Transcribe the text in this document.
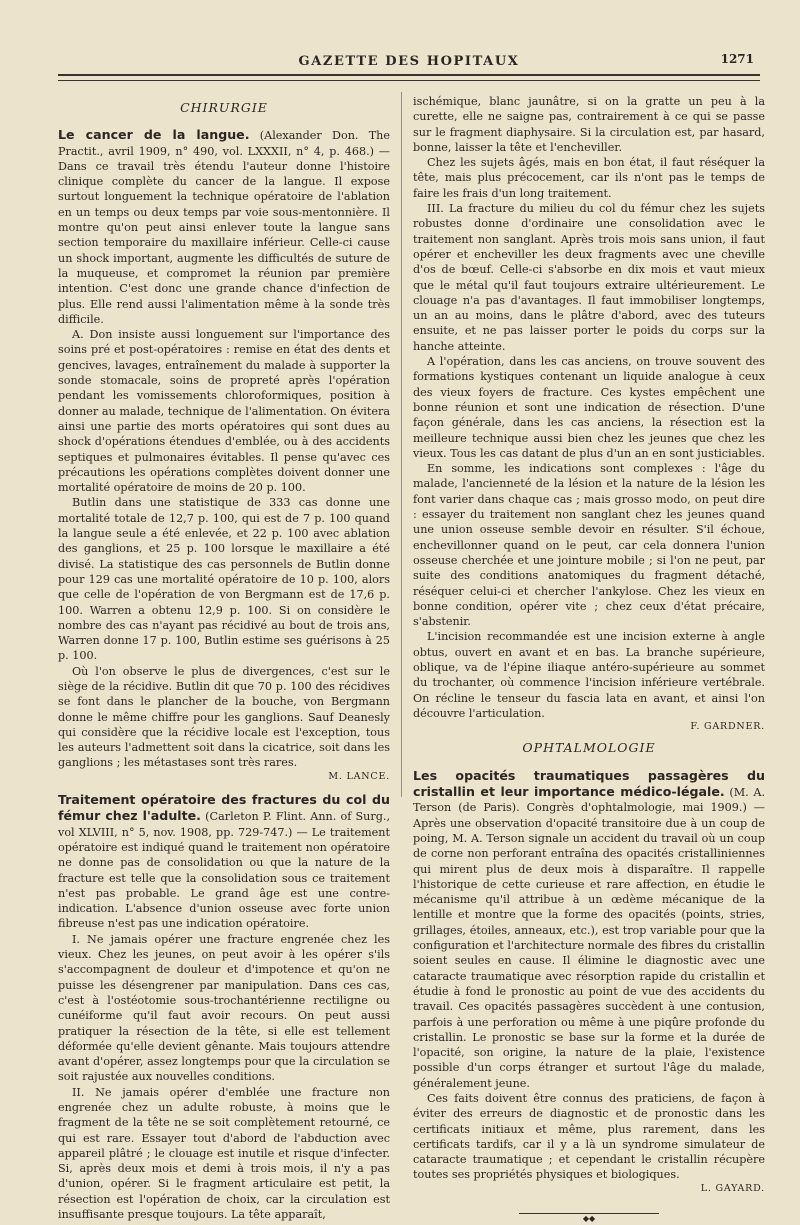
GAZETTE DES HOPITAUX	1271
CHIRURGIE

Le cancer de la langue. (Alexander Don. The Practit., avril 1909, n° 490, vol. LXXXII, n° 4, p. 468.) — Dans ce travail très étendu l'auteur donne l'histoire clinique complète du cancer de la langue. Il expose surtout longuement la technique opératoire de l'ablation en un temps ou deux temps par voie sous-mentonnière. Il montre qu'on peut ainsi enlever toute la langue sans section temporaire du maxillaire inférieur. Celle-ci cause un shock important, augmente les difficultés de suture de la muqueuse, et compromet la réunion par première intention. C'est donc une grande chance d'infection de plus. Elle rend aussi l'alimentation même à la sonde très difficile.

A. Don insiste aussi longuement sur l'importance des soins pré et post-opératoires : remise en état des dents et gencives, lavages, entraînement du malade à supporter la sonde stomacale, soins de propreté après l'opération pendant les vomissements chloroformiques, position à donner au malade, technique de l'alimentation. On évitera ainsi une partie des morts opératoires qui sont dues au shock d'opérations étendues d'emblée, ou à des accidents septiques et pulmonaires évitables. Il pense qu'avec ces précautions les opérations complètes doivent donner une mortalité opératoire de moins de 20 p. 100.

Butlin dans une statistique de 333 cas donne une mortalité totale de 12,7 p. 100, qui est de 7 p. 100 quand la langue seule a été enlevée, et 22 p. 100 avec ablation des ganglions, et 25 p. 100 lorsque le maxillaire a été divisé. La statistique des cas personnels de Butlin donne pour 129 cas une mortalité opératoire de 10 p. 100, alors que celle de l'opération de von Bergmann est de 17,6 p. 100. Warren a obtenu 12,9 p. 100. Si on considère le nombre des cas n'ayant pas récidivé au bout de trois ans, Warren donne 17 p. 100, Butlin estime ses guérisons à 25 p. 100.

Où l'on observe le plus de divergences, c'est sur le siège de la récidive. Butlin dit que 70 p. 100 des récidives se font dans le plancher de la bouche, von Bergmann donne le même chiffre pour les ganglions. Sauf Deanesly qui considère que la récidive locale est l'exception, tous les auteurs l'admettent soit dans la cicatrice, soit dans les ganglions ; les métastases sont très rares.

M. LANCE.

Traitement opératoire des fractures du col du fémur chez l'adulte. (Carleton P. Flint. Ann. of Surg., vol XLVIII, n° 5, nov. 1908, pp. 729-747.) — Le traitement opératoire est indiqué quand le traitement non opératoire ne donne pas de consolidation ou que la nature de la fracture est telle que la consolidation sous ce traitement n'est pas probable. Le grand âge est une contre-indication. L'absence d'union osseuse avec forte union fibreuse n'est pas une indication opératoire.

I. Ne jamais opérer une fracture engrenée chez les vieux. Chez les jeunes, on peut avoir à les opérer s'ils s'accompagnent de douleur et d'impotence et qu'on ne puisse les désengrener par manipulation. Dans ces cas, c'est à l'ostéotomie sous-trochantérienne rectiligne ou cunéiforme qu'il faut avoir recours. On peut aussi pratiquer la résection de la tête, si elle est tellement déformée qu'elle devient gênante. Mais toujours attendre avant d'opérer, assez longtemps pour que la circulation se soit rajustée aux nouvelles conditions.

II. Ne jamais opérer d'emblée une fracture non engrenée chez un adulte robuste, à moins que le fragment de la tête ne se soit complètement retourné, ce qui est rare. Essayer tout d'abord de l'abduction avec appareil plâtré ; le clouage est inutile et risque d'infecter. Si, après deux mois et demi à trois mois, il n'y a pas d'union, opérer. Si le fragment articulaire est petit, la résection est l'opération de choix, car la circulation est insuffisante presque toujours. La tête apparaît,

ischémique, blanc jaunâtre, si on la gratte un peu à la curette, elle ne saigne pas, contrairement à ce qui se passe sur le fragment diaphysaire. Si la circulation est, par hasard, bonne, laisser la tête et l'encheviller.

Chez les sujets âgés, mais en bon état, il faut réséquer la tête, mais plus précocement, car ils n'ont pas le temps de faire les frais d'un long traitement.

III. La fracture du milieu du col du fémur chez les sujets robustes donne d'ordinaire une consolidation avec le traitement non sanglant. Après trois mois sans union, il faut opérer et encheviller les deux fragments avec une cheville d'os de bœuf. Celle-ci s'absorbe en dix mois et vaut mieux que le métal qu'il faut toujours extraire ultérieurement. Le clouage n'a pas d'avantages. Il faut immobiliser longtemps, un an au moins, dans le plâtre d'abord, avec des tuteurs ensuite, et ne pas laisser porter le poids du corps sur la hanche atteinte.

A l'opération, dans les cas anciens, on trouve souvent des formations kystiques contenant un liquide analogue à ceux des vieux foyers de fracture. Ces kystes empêchent une bonne réunion et sont une indication de résection. D'une façon générale, dans les cas anciens, la résection est la meilleure technique aussi bien chez les jeunes que chez les vieux. Tous les cas datant de plus d'un an en sont justiciables.

En somme, les indications sont complexes : l'âge du malade, l'ancienneté de la lésion et la nature de la lésion les font varier dans chaque cas ; mais grosso modo, on peut dire : essayer du traitement non sanglant chez les jeunes quand une union osseuse semble devoir en résulter. S'il échoue, enchevillonner quand on le peut, car cela donnera l'union osseuse cherchée et une jointure mobile ; si l'on ne peut, par suite des conditions anatomiques du fragment détaché, réséquer celui-ci et chercher l'ankylose. Chez les vieux en bonne condition, opérer vite ; chez ceux d'état précaire, s'abstenir.

L'incision recommandée est une incision externe à angle obtus, ouvert en avant et en bas. La branche supérieure, oblique, va de l'épine iliaque antéro-supérieure au sommet du trochanter, où commence l'incision inférieure vertébrale. On récline le tenseur du fascia lata en avant, et ainsi l'on découvre l'articulation.

F. GARDNER.
OPHTALMOLOGIE

Les opacités traumatiques passagères du cristallin et leur importance médico-légale. (M. A. Terson (de Paris). Congrès d'ophtalmologie, mai 1909.) — Après une observation d'opacité transitoire due à un coup de poing, M. A. Terson signale un accident du travail où un coup de corne non perforant entraîna des opacités cristalliniennes qui mirent plus de deux mois à disparaître. Il rappelle l'historique de cette curieuse et rare affection, en étudie le mécanisme qu'il attribue à un œdème mécanique de la lentille et montre que la forme des opacités (points, stries, grillages, étoiles, anneaux, etc.), est trop variable pour que la configuration et l'architecture normale des fibres du cristallin soient seules en cause. Il élimine le diagnostic avec une cataracte traumatique avec résorption rapide du cristallin et étudie à fond le pronostic au point de vue des accidents du travail. Ces opacités passagères succèdent à une contusion, parfois à une perforation ou même à une piqûre profonde du cristallin. Le pronostic se base sur la forme et la durée de l'opacité, son origine, la nature de la plaie, l'existence possible d'un corps étranger et surtout l'âge du malade, généralement jeune.

Ces faits doivent être connus des praticiens, de façon à éviter des erreurs de diagnostic et de pronostic dans les certificats initiaux et même, plus rarement, dans les certificats tardifs, car il y a là un syndrome simulateur de cataracte traumatique ; et cependant le cristallin récupère toutes ses propriétés physiques et biologiques.

L. GAYARD.
◆◆
